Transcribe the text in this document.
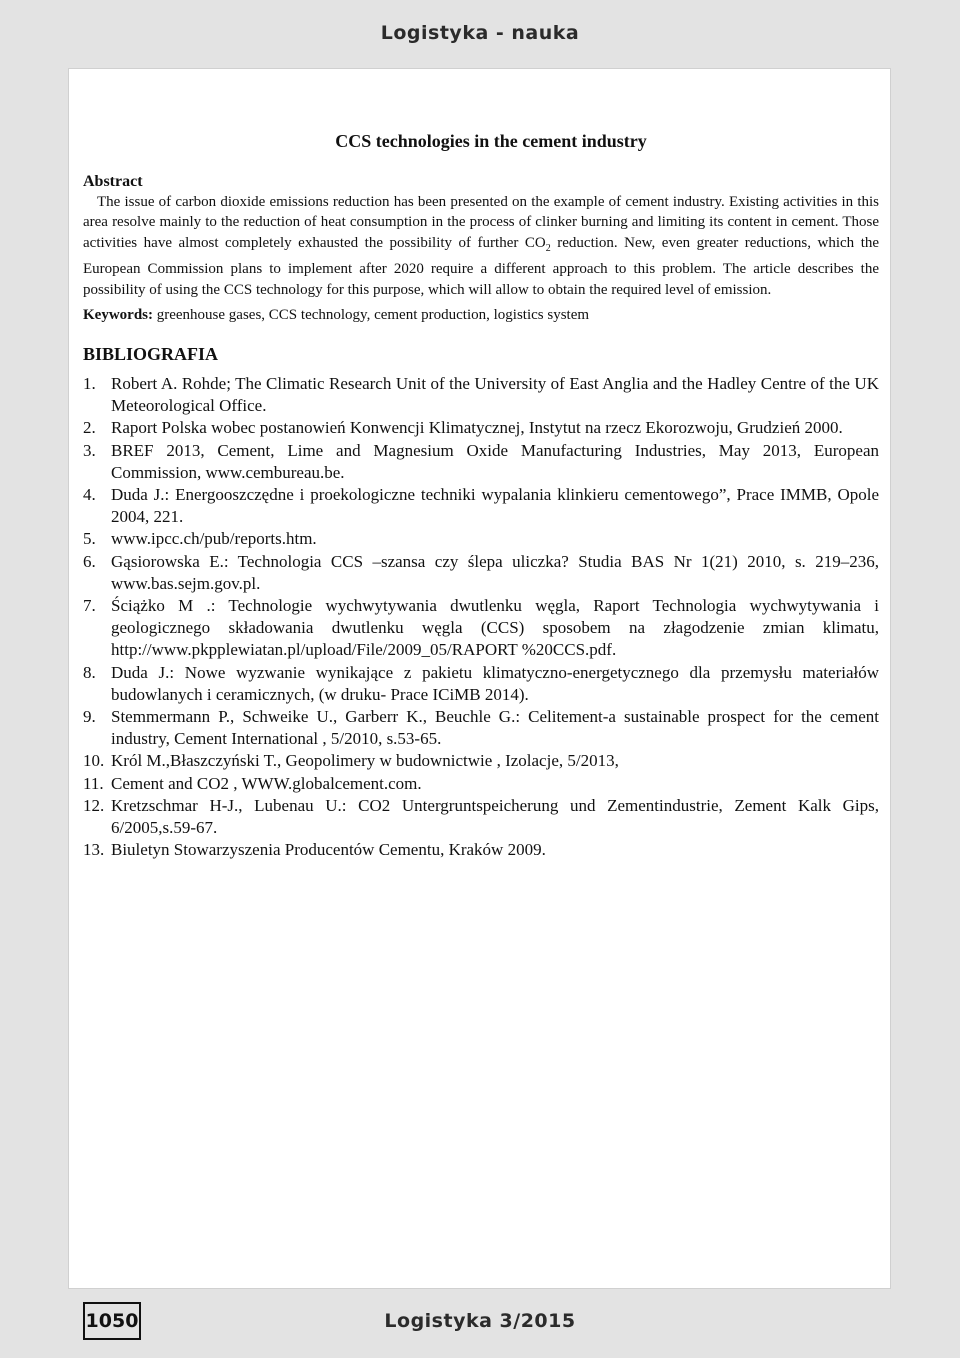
Logistyka - nauka
CCS technologies in the cement industry
Abstract

The issue of carbon dioxide emissions reduction has been presented on the example of cement industry. Existing activities in this area resolve mainly to the reduction of heat consumption in the process of clinker burning and limiting its content in cement. Those activities have almost completely exhausted the possibility of further $CO_2$ reduction. New, even greater reductions, which the European Commission plans to implement after 2020 require a different approach to this problem. The article describes the possibility of using the CCS technology for this purpose, which will allow to obtain the required level of emission.

Keywords: greenhouse gases, CCS technology, cement production, logistics system

BIBLIOGRAFIA
1. Robert A. Rohde; The Climatic Research Unit of the University of East Anglia and the Hadley Centre of the UK Meteorological Office.
2. Raport Polska wobec postanowień Konwencji Klimatycznej, Instytut na rzecz Ekorozwoju, Grudzień 2000.
3. BREF 2013, Cement, Lime and Magnesium Oxide Manufacturing Industries, May 2013, European Commission, www.cembureau.be.
4. Duda J.: Energooszczędne i proekologiczne techniki wypalania klinkieru cementowego”, Prace IMMB, Opole 2004, 221.
5. www.ipcc.ch/pub/reports.htm.
6. Gąsiorowska E.: Technologia CCS –szansa czy ślepa uliczka? Studia BAS Nr 1(21) 2010, s. 219–236, www.bas.sejm.gov.pl.
7. Ściążko M .: Technologie wychwytywania dwutlenku węgla, Raport Technologia wychwytywania i geologicznego składowania dwutlenku węgla (CCS) sposobem na złagodzenie zmian klimatu, http://www.pkpplewiatan.pl/upload/File/2009_05/RAPORT %20CCS.pdf.
8. Duda J.: Nowe wyzwanie wynikające z pakietu klimatyczno-energetycznego dla przemysłu materiałów budowlanych i ceramicznych, (w druku- Prace ICiMB 2014).
9. Stemmermann P., Schweike U., Garberr K., Beuchle G.: Celitement-a sustainable prospect for the cement industry, Cement International , 5/2010, s.53-65.
10. Król M.,Błaszczyński T., Geopolimery w budownictwie , Izolacje, 5/2013,
11. Cement and CO2 , WWW.globalcement.com.
12. Kretzschmar H-J., Lubenau U.: CO2 Untergruntspeicherung und Zementindustrie, Zement Kalk Gips, 6/2005,s.59-67.
13. Biuletyn Stowarzyszenia Producentów Cementu, Kraków 2009.
1050	Logistyka 3/2015
